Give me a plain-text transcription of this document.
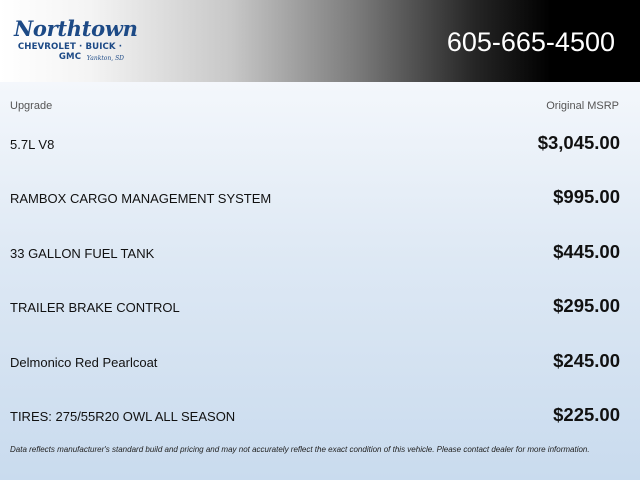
Northtown
CHEVROLET · BUICK · GMC Yankton, SD
605-665-4500
Upgrade	Original MSRP
5.7L V8	$3,045.00
RAMBOX CARGO MANAGEMENT SYSTEM	$995.00
33 GALLON FUEL TANK	$445.00
TRAILER BRAKE CONTROL	$295.00
Delmonico Red Pearlcoat	$245.00
TIRES: 275/55R20 OWL ALL SEASON	$225.00
Data reflects manufacturer's standard build and pricing and may not accurately reflect the exact condition of this vehicle. Please contact dealer for more information.
